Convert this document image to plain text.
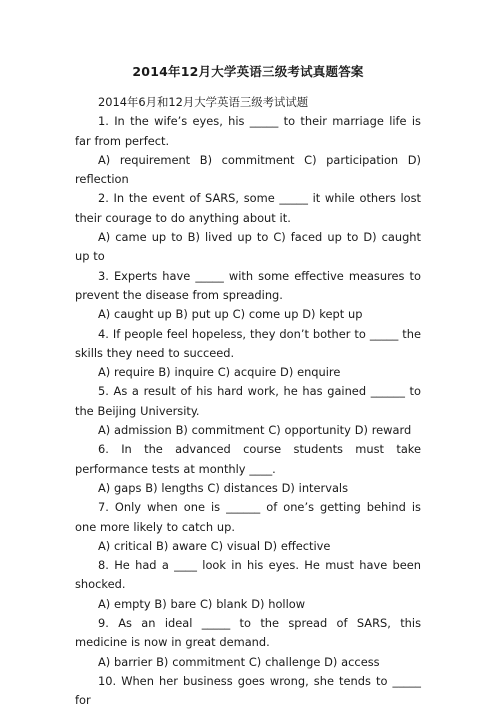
2014年12月大学英语三级考试真题答案

2014年6月和12月大学英语三级考试试题

1. In the wife’s eyes, his _____ to their marriage life is far from perfect.

A) requirement B) commitment C) participation D) reflection

2. In the event of SARS, some _____ it while others lost their courage to do anything about it.

A) came up to B) lived up to C) faced up to D) caught up to

3. Experts have _____ with some effective measures to prevent the disease from spreading.

A) caught up B) put up C) come up D) kept up

4. If people feel hopeless, they don’t bother to _____ the skills they need to succeed.

A) require B) inquire C) acquire D) enquire

5. As a result of his hard work, he has gained ______ to the Beijing University.

A) admission B) commitment C) opportunity D) reward

6. In the advanced course students must take performance tests at monthly ____.

A) gaps B) lengths C) distances D) intervals

7. Only when one is ______ of one’s getting behind is one more likely to catch up.

A) critical B) aware C) visual D) effective

8. He had a ____ look in his eyes. He must have been shocked.

A) empty B) bare C) blank D) hollow

9. As an ideal _____ to the spread of SARS, this medicine is now in great demand.

A) barrier B) commitment C) challenge D) access

10. When her business goes wrong, she tends to _____ for
